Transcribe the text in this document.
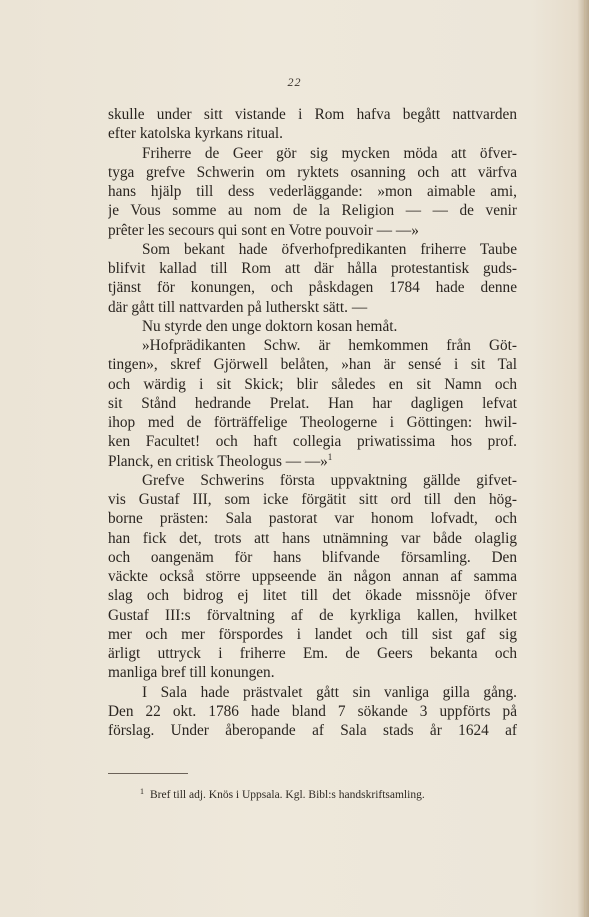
22
skulle under sitt vistande i Rom hafva begått nattvarden
efter katolska kyrkans ritual.
Friherre de Geer gör sig mycken möda att öfver-
tyga grefve Schwerin om ryktets osanning och att värfva
hans hjälp till dess vederläggande: »mon aimable ami,
je Vous somme au nom de la Religion — — de venir
prêter les secours qui sont en Votre pouvoir — —»
Som bekant hade öfverhofpredikanten friherre Taube
blifvit kallad till Rom att där hålla protestantisk guds-
tjänst för konungen, och påskdagen 1784 hade denne
där gått till nattvarden på lutherskt sätt. —
Nu styrde den unge doktorn kosan hemåt.
»Hofprädikanten Schw. är hemkommen från Göt-
tingen», skref Gjörwell belåten, »han är sensé i sit Tal
och wärdig i sit Skick; blir således en sit Namn och
sit Stånd hedrande Prelat. Han har dagligen lefvat
ihop med de förträffelige Theologerne i Göttingen: hwil-
ken Facultet! och haft collegia priwatissima hos prof.
Planck, en critisk Theologus — —»$^1$
Grefve Schwerins första uppvaktning gällde gifvet-
vis Gustaf III, som icke förgätit sitt ord till den hög-
borne prästen: Sala pastorat var honom lofvadt, och
han fick det, trots att hans utnämning var både olaglig
och oangenäm för hans blifvande församling. Den
väckte också större uppseende än någon annan af samma
slag och bidrog ej litet till det ökade missnöje öfver
Gustaf III:s förvaltning af de kyrkliga kallen, hvilket
mer och mer förspordes i landet och till sist gaf sig
ärligt uttryck i friherre Em. de Geers bekanta och
manliga bref till konungen.
I Sala hade prästvalet gått sin vanliga gilla gång.
Den 22 okt. 1786 hade bland 7 sökande 3 uppförts på
förslag. Under åberopande af Sala stads år 1624 af
$^1$ Bref till adj. Knös i Uppsala. Kgl. Bibl:s handskriftsamling.
